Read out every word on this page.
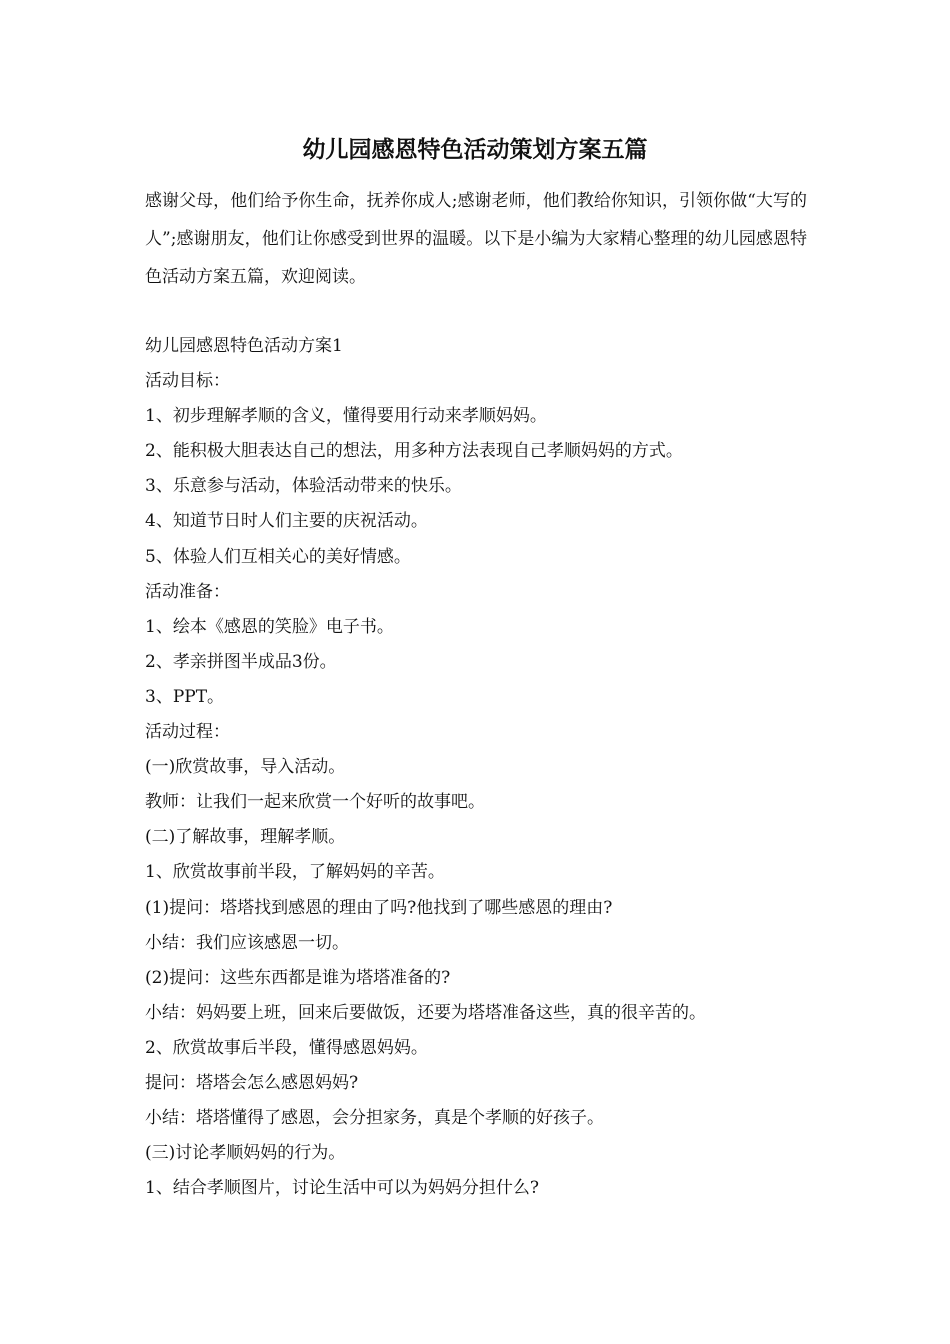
幼儿园感恩特色活动策划方案五篇

感谢父母，他们给予你生命，抚养你成人;感谢老师，他们教给你知识，引领你做“大写的人”;感谢朋友，他们让你感受到世界的温暖。以下是小编为大家精心整理的幼儿园感恩特色活动方案五篇，欢迎阅读。

幼儿园感恩特色活动方案1
活动目标：
1、初步理解孝顺的含义，懂得要用行动来孝顺妈妈。
2、能积极大胆表达自己的想法，用多种方法表现自己孝顺妈妈的方式。
3、乐意参与活动，体验活动带来的快乐。
4、知道节日时人们主要的庆祝活动。
5、体验人们互相关心的美好情感。
活动准备：
1、绘本《感恩的笑脸》电子书。
2、孝亲拼图半成品3份。
3、PPT。
活动过程：
(一)欣赏故事，导入活动。
教师：让我们一起来欣赏一个好听的故事吧。
(二)了解故事，理解孝顺。
1、欣赏故事前半段，了解妈妈的辛苦。
(1)提问：塔塔找到感恩的理由了吗?他找到了哪些感恩的理由?
小结：我们应该感恩一切。
(2)提问：这些东西都是谁为塔塔准备的?
小结：妈妈要上班，回来后要做饭，还要为塔塔准备这些，真的很辛苦的。
2、欣赏故事后半段，懂得感恩妈妈。
提问：塔塔会怎么感恩妈妈?
小结：塔塔懂得了感恩，会分担家务，真是个孝顺的好孩子。
(三)讨论孝顺妈妈的行为。
1、结合孝顺图片，讨论生活中可以为妈妈分担什么?
